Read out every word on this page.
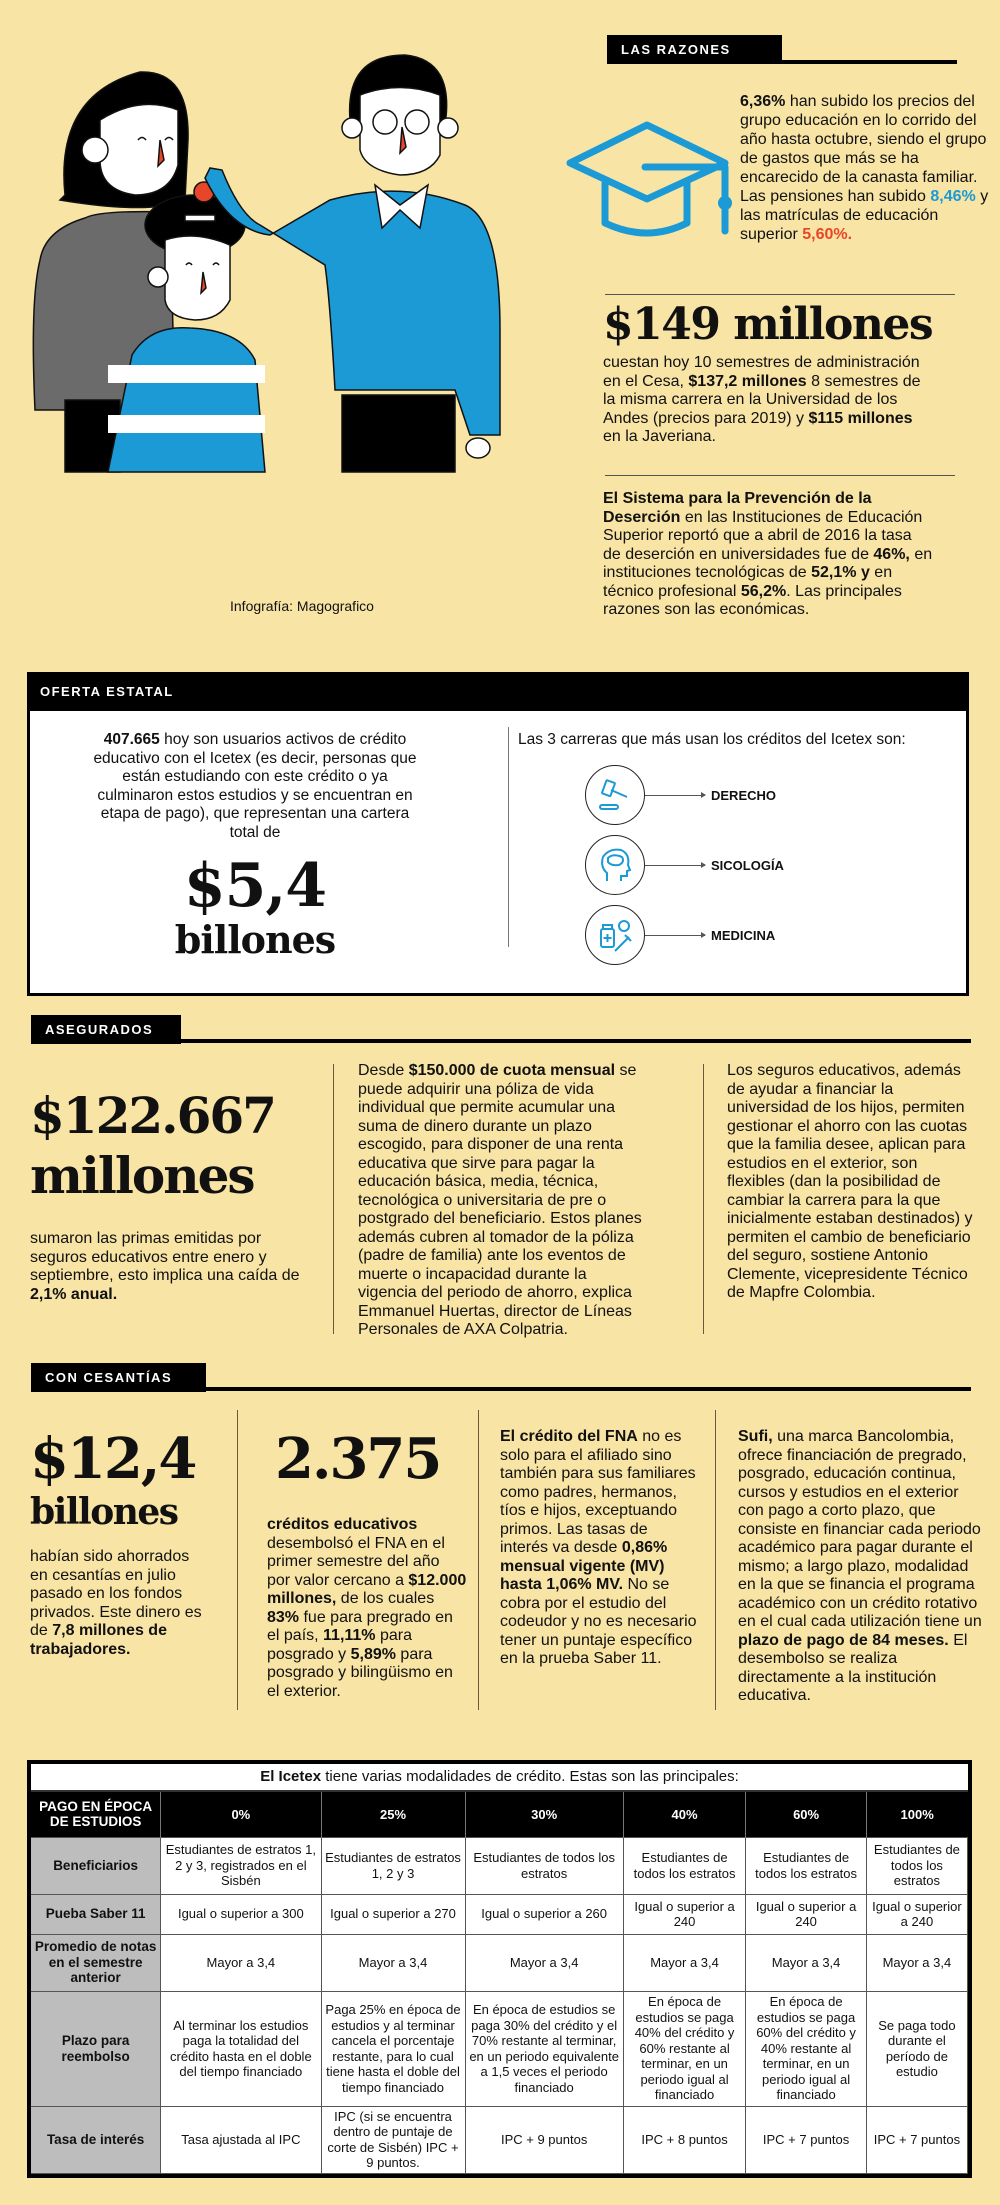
Infografía: Magografico
LAS RAZONES
6,36% han subido los precios del grupo educación en lo corrido del año hasta octubre, siendo el grupo de gastos que más se ha encarecido de la canasta familiar. Las pensiones han subido 8,46% y las matrículas de educación superior 5,60%.
$149 millones
cuestan hoy 10 semestres de administración en el Cesa, $137,2 millones 8 semestres de la misma carrera en la Universidad de los Andes (precios para 2019) y $115 millones en la Javeriana.
El Sistema para la Prevención de la Deserción en las Instituciones de Educación Superior reportó que a abril de 2016 la tasa de deserción en universidades fue de 46%, en instituciones tecnológicas de 52,1% y en técnico profesional 56,2%. Las principales razones son las económicas.
OFERTA ESTATAL
407.665 hoy son usuarios activos de crédito educativo con el Icetex (es decir, personas que están estudiando con este crédito o ya culminaron estos estudios y se encuentran en etapa de pago), que representan una cartera total de
$5,4
billones
Las 3 carreras que más usan los créditos del Icetex son:
DERECHO
SICOLOGÍA
MEDICINA
ASEGURADOS
$122.667
millones
sumaron las primas emitidas por seguros educativos entre enero y septiembre, esto implica una caída de 2,1% anual.
Desde $150.000 de cuota mensual se puede adquirir una póliza de vida individual que permite acumular una suma de dinero durante un plazo escogido, para disponer de una renta educativa que sirve para pagar la educación básica, media, técnica, tecnológica o universitaria de pre o postgrado del beneficiario. Estos planes además cubren al tomador de la póliza (padre de familia) ante los eventos de muerte o incapacidad durante la vigencia del periodo de ahorro, explica Emmanuel Huertas, director de Líneas Personales de AXA Colpatria.
Los seguros educativos, además de ayudar a financiar la universidad de los hijos, permiten gestionar el ahorro con las cuotas que la familia desee, aplican para estudios en el exterior, son flexibles (dan la posibilidad de cambiar la carrera para la que inicialmente estaban destinados) y permiten el cambio de beneficiario del seguro, sostiene Antonio Clemente, vicepresidente Técnico de Mapfre Colombia.
CON CESANTÍAS
$12,4
billones
habían sido ahorrados en cesantías en julio pasado en los fondos privados. Este dinero es de 7,8 millones de trabajadores.
2.375
créditos educativos desembolsó el FNA en el primer semestre del año por valor cercano a $12.000 millones, de los cuales 83% fue para pregrado en el país, 11,11% para posgrado y 5,89% para posgrado y bilingüismo en el exterior.
El crédito del FNA no es solo para el afiliado sino también para sus familiares como padres, hermanos, tíos e hijos, exceptuando primos. Las tasas de interés va desde 0,86% mensual vigente (MV) hasta 1,06% MV. No se cobra por el estudio del codeudor y no es necesario tener un puntaje específico en la prueba Saber 11.
Sufi, una marca Bancolombia, ofrece financiación de pregrado, posgrado, educación continua, cursos y estudios en el exterior con pago a corto plazo, que consiste en financiar cada periodo académico para pagar durante el mismo; a largo plazo, modalidad en la que se financia el programa académico con un crédito rotativo en el cual cada utilización tiene un plazo de pago de 84 meses. El desembolso se realiza directamente a la institución educativa.
El Icetex tiene varias modalidades de crédito. Estas son las principales:
PAGO EN ÉPOCA DE ESTUDIOS	0%	25%	30%	40%	60%	100%
Beneficiarios	Estudiantes de estratos 1, 2 y 3, registrados en el Sisbén	Estudiantes de estratos 1, 2 y 3	Estudiantes de todos los estratos	Estudiantes de todos los estratos	Estudiantes de todos los estratos	Estudiantes de todos los estratos
Pueba Saber 11	Igual o superior a 300	Igual o superior a 270	Igual o superior a 260	Igual o superior a 240	Igual o superior a 240	Igual o superior a 240
Promedio de notas en el semestre anterior	Mayor a 3,4	Mayor a 3,4	Mayor a 3,4	Mayor a 3,4	Mayor a 3,4	Mayor a 3,4
Plazo para reembolso	Al terminar los estudios paga la totalidad del crédito hasta en el doble del tiempo financiado	Paga 25% en época de estudios y al terminar cancela el porcentaje restante, para lo cual tiene hasta el doble del tiempo financiado	En época de estudios se paga 30% del crédito y el 70% restante al terminar, en un periodo equivalente a 1,5 veces el periodo financiado	En época de estudios se paga 40% del crédito y 60% restante al terminar, en un periodo igual al financiado	En época de estudios se paga 60% del crédito y 40% restante al terminar, en un periodo igual al financiado	Se paga todo durante el período de estudio
Tasa de interés	Tasa ajustada al IPC	IPC (si se encuentra dentro de puntaje de corte de Sisbén) IPC + 9 puntos.	IPC + 9 puntos	IPC + 8 puntos	IPC + 7 puntos	IPC + 7 puntos
